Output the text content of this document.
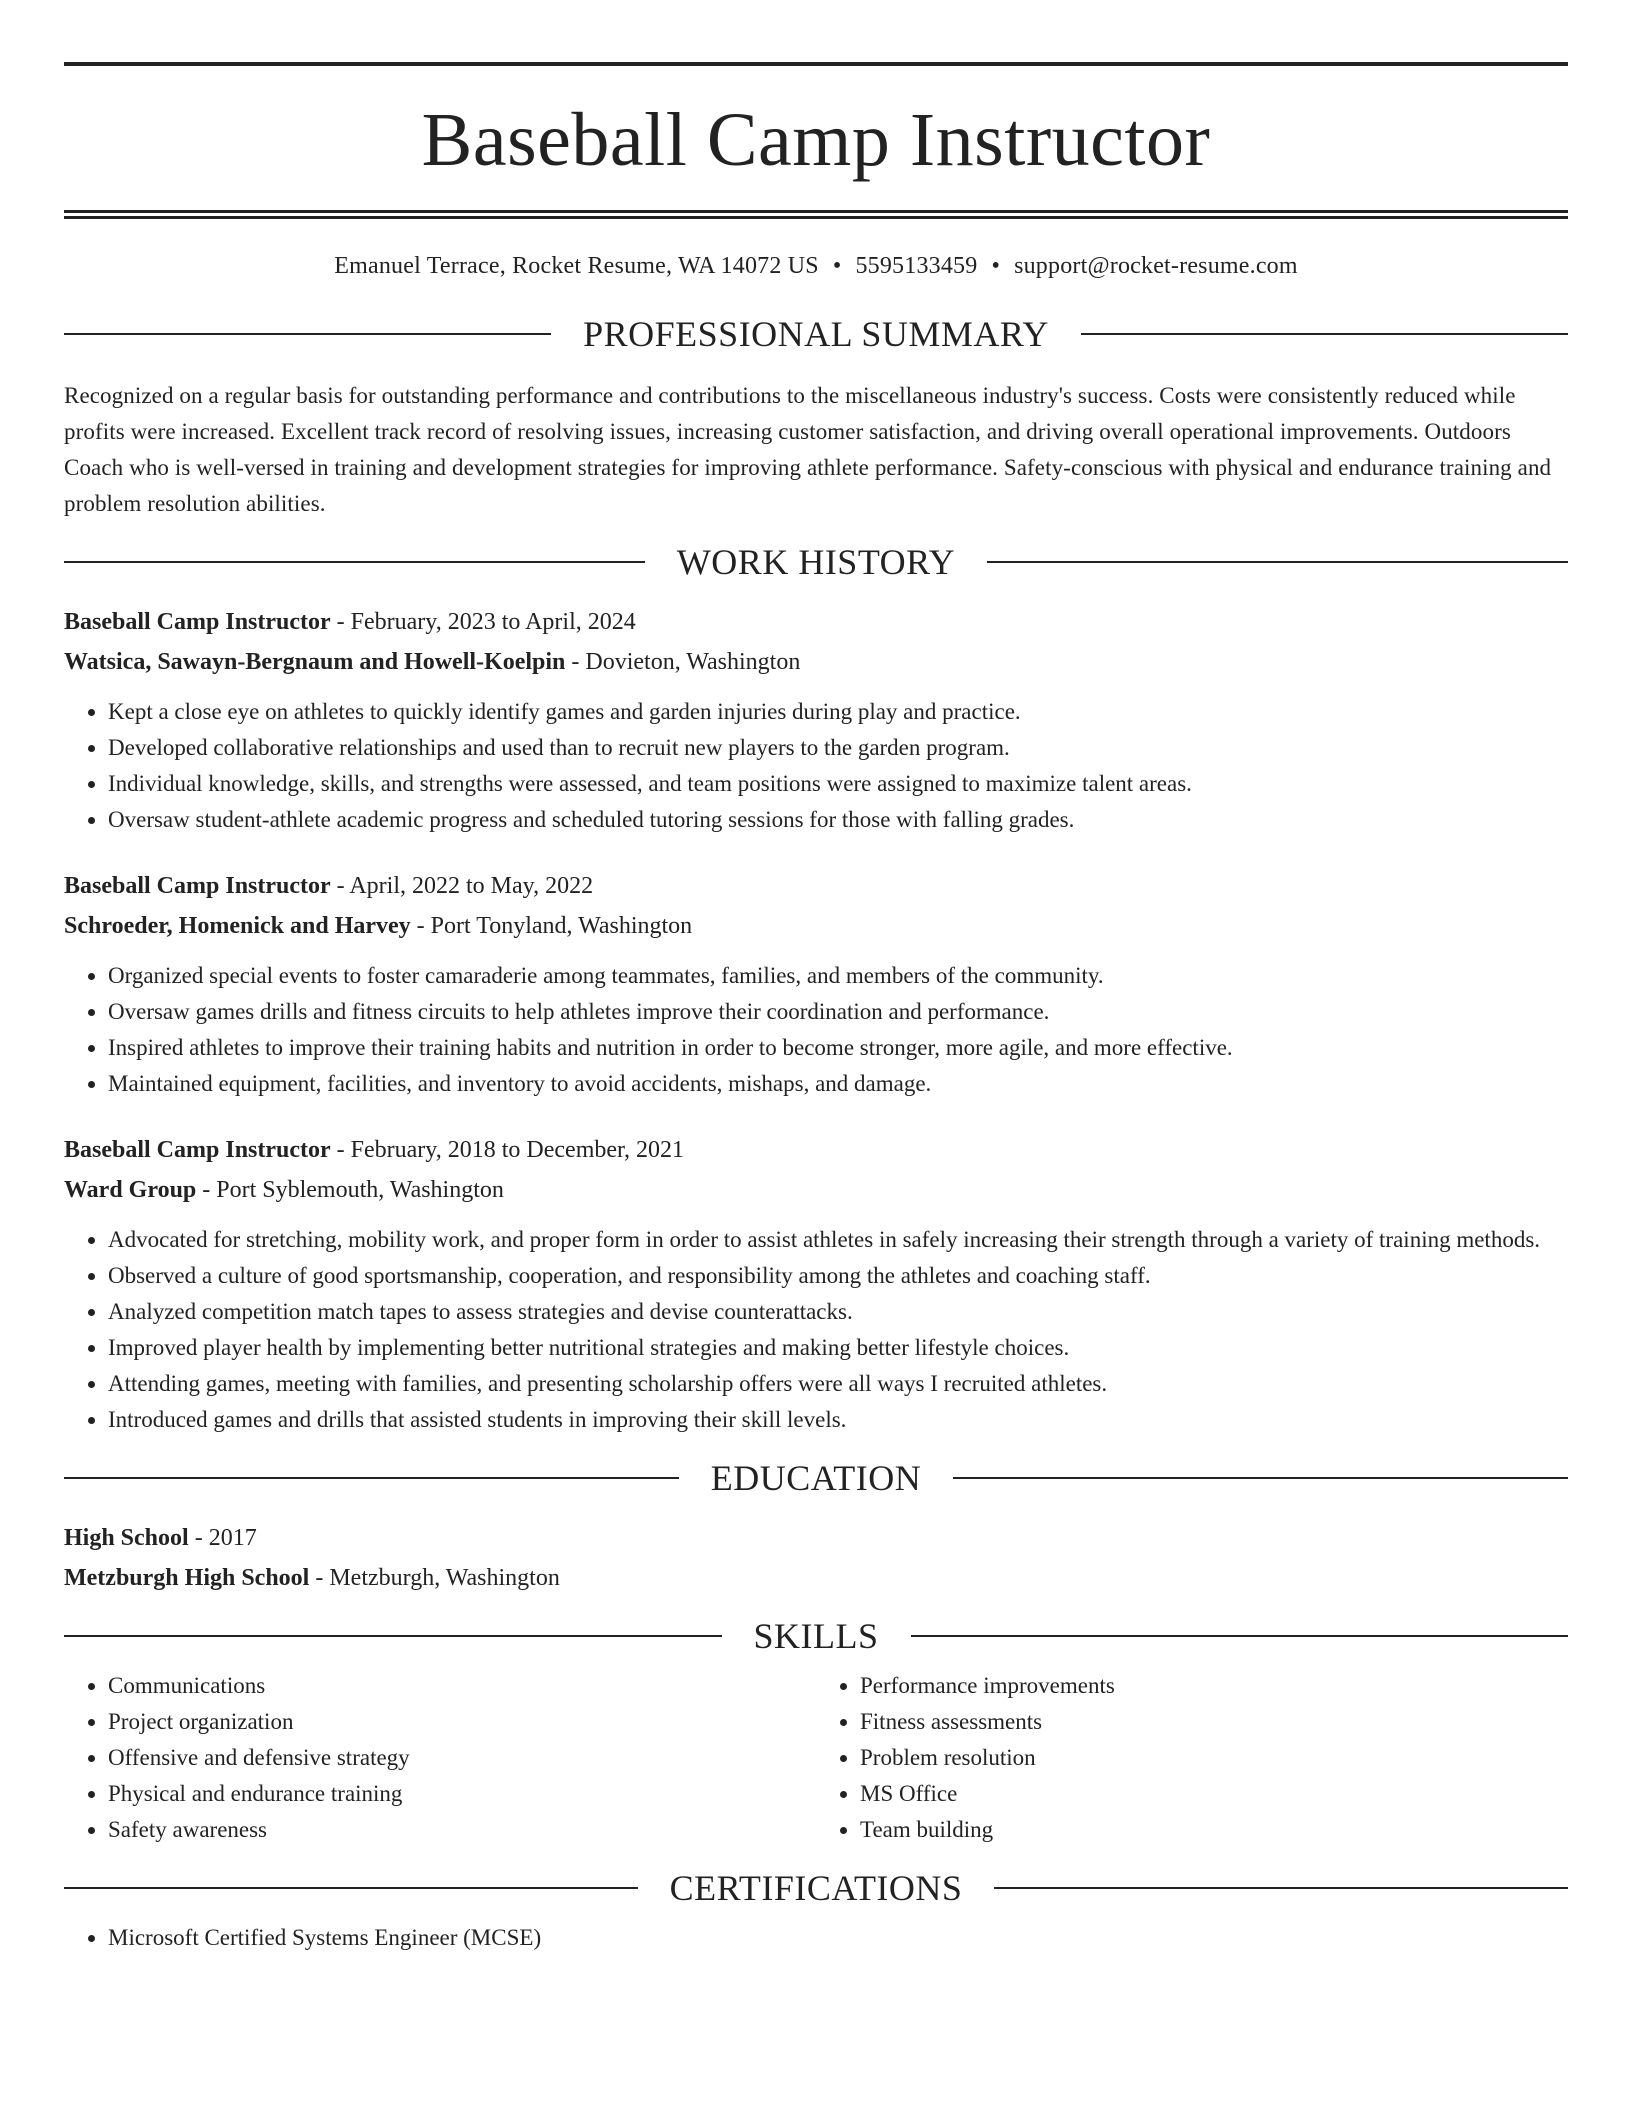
Baseball Camp Instructor
Emanuel Terrace, Rocket Resume, WA 14072 US • 5595133459 • support@rocket-resume.com
PROFESSIONAL SUMMARY
Recognized on a regular basis for outstanding performance and contributions to the miscellaneous industry's success. Costs were consistently reduced while profits were increased. Excellent track record of resolving issues, increasing customer satisfaction, and driving overall operational improvements. Outdoors Coach who is well-versed in training and development strategies for improving athlete performance. Safety-conscious with physical and endurance training and problem resolution abilities.
WORK HISTORY
Baseball Camp Instructor - February, 2023 to April, 2024
Watsica, Sawayn-Bergnaum and Howell-Koelpin - Dovieton, Washington
• Kept a close eye on athletes to quickly identify games and garden injuries during play and practice.
• Developed collaborative relationships and used than to recruit new players to the garden program.
• Individual knowledge, skills, and strengths were assessed, and team positions were assigned to maximize talent areas.
• Oversaw student-athlete academic progress and scheduled tutoring sessions for those with falling grades.
Baseball Camp Instructor - April, 2022 to May, 2022
Schroeder, Homenick and Harvey - Port Tonyland, Washington
• Organized special events to foster camaraderie among teammates, families, and members of the community.
• Oversaw games drills and fitness circuits to help athletes improve their coordination and performance.
• Inspired athletes to improve their training habits and nutrition in order to become stronger, more agile, and more effective.
• Maintained equipment, facilities, and inventory to avoid accidents, mishaps, and damage.
Baseball Camp Instructor - February, 2018 to December, 2021
Ward Group - Port Syblemouth, Washington
• Advocated for stretching, mobility work, and proper form in order to assist athletes in safely increasing their strength through a variety of training methods.
• Observed a culture of good sportsmanship, cooperation, and responsibility among the athletes and coaching staff.
• Analyzed competition match tapes to assess strategies and devise counterattacks.
• Improved player health by implementing better nutritional strategies and making better lifestyle choices.
• Attending games, meeting with families, and presenting scholarship offers were all ways I recruited athletes.
• Introduced games and drills that assisted students in improving their skill levels.
EDUCATION
High School - 2017
Metzburgh High School - Metzburgh, Washington
SKILLS
• Communications
• Project organization
• Offensive and defensive strategy
• Physical and endurance training
• Safety awareness
• Performance improvements
• Fitness assessments
• Problem resolution
• MS Office
• Team building
CERTIFICATIONS
• Microsoft Certified Systems Engineer (MCSE)
